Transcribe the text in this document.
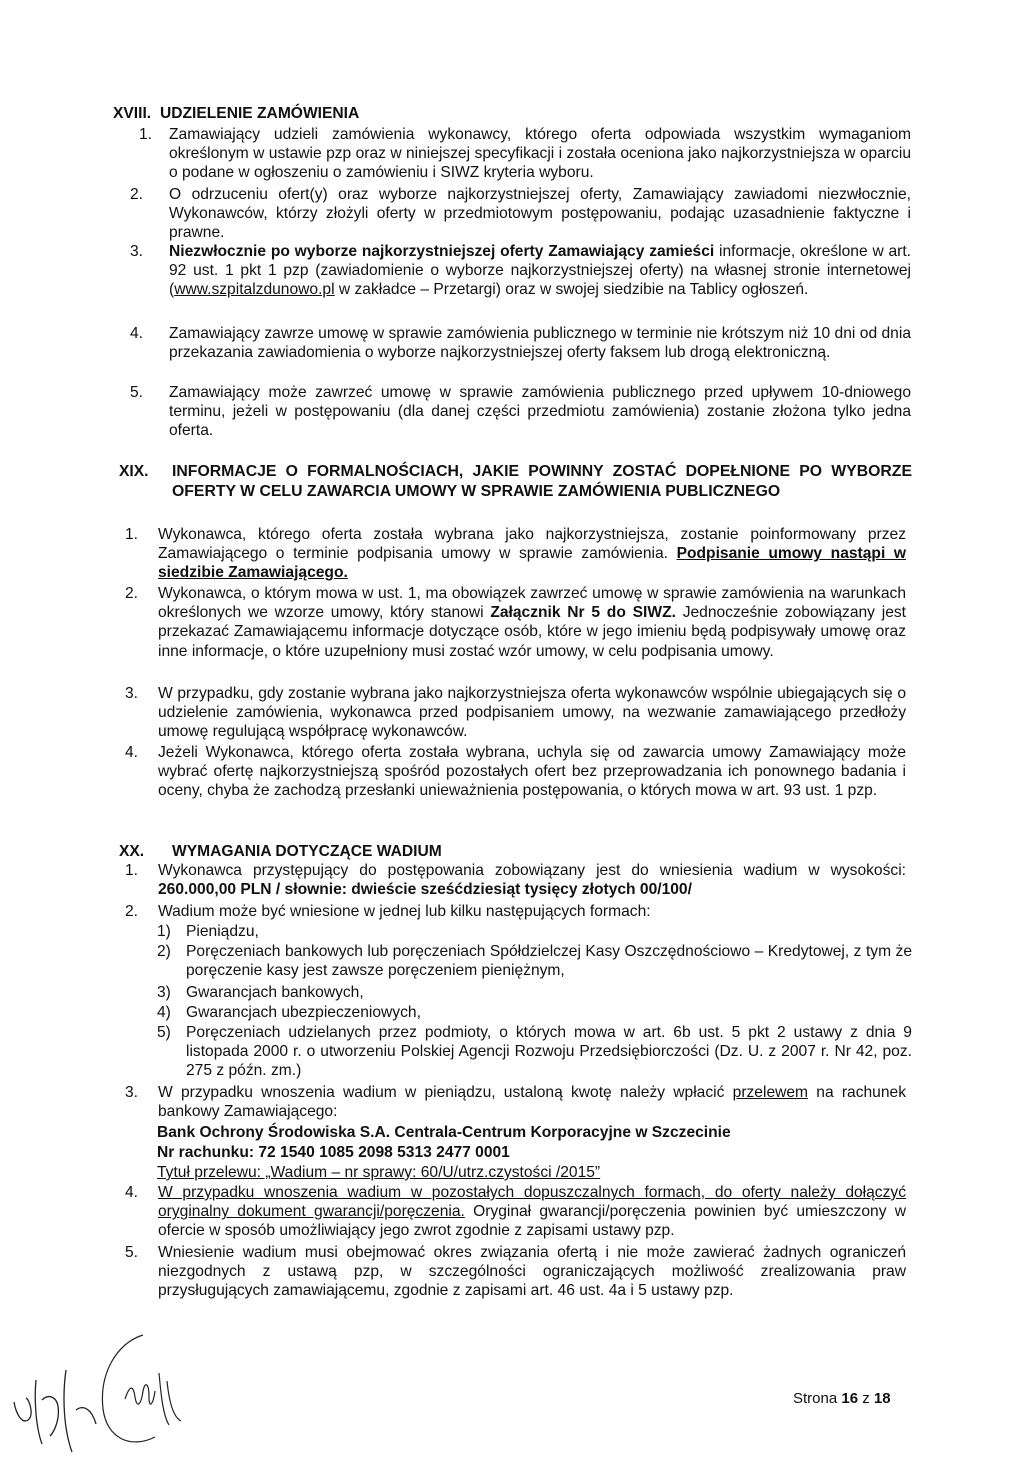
XVIII. UDZIELENIE ZAMÓWIENIA
1. Zamawiający udzieli zamówienia wykonawcy, którego oferta odpowiada wszystkim wymaganiom określonym w ustawie pzp oraz w niniejszej specyfikacji i została oceniona jako najkorzystniejsza w oparciu o podane w ogłoszeniu o zamówieniu i SIWZ kryteria wyboru.
2. O odrzuceniu ofert(y) oraz wyborze najkorzystniejszej oferty, Zamawiający zawiadomi niezwłocznie, Wykonawców, którzy złożyli oferty w przedmiotowym postępowaniu, podając uzasadnienie faktyczne i prawne.
3. Niezwłocznie po wyborze najkorzystniejszej oferty Zamawiający zamieści informacje, określone w art. 92 ust. 1 pkt 1 pzp (zawiadomienie o wyborze najkorzystniejszej oferty) na własnej stronie internetowej (www.szpitalzdunowo.pl w zakładce – Przetargi) oraz w swojej siedzibie na Tablicy ogłoszeń.
4. Zamawiający zawrze umowę w sprawie zamówienia publicznego w terminie nie krótszym niż 10 dni od dnia przekazania zawiadomienia o wyborze najkorzystniejszej oferty faksem lub drogą elektroniczną.
5. Zamawiający może zawrzeć umowę w sprawie zamówienia publicznego przed upływem 10-dniowego terminu, jeżeli w postępowaniu (dla danej części przedmiotu zamówienia) zostanie złożona tylko jedna oferta.
XIX. INFORMACJE O FORMALNOŚCIACH, JAKIE POWINNY ZOSTAĆ DOPEŁNIONE PO WYBORZE OFERTY W CELU ZAWARCIA UMOWY W SPRAWIE ZAMÓWIENIA PUBLICZNEGO
1. Wykonawca, którego oferta została wybrana jako najkorzystniejsza, zostanie poinformowany przez Zamawiającego o terminie podpisania umowy w sprawie zamówienia. Podpisanie umowy nastąpi w siedzibie Zamawiającego.
2. Wykonawca, o którym mowa w ust. 1, ma obowiązek zawrzeć umowę w sprawie zamówienia na warunkach określonych we wzorze umowy, który stanowi Załącznik Nr 5 do SIWZ. Jednocześnie zobowiązany jest przekazać Zamawiającemu informacje dotyczące osób, które w jego imieniu będą podpisywały umowę oraz inne informacje, o które uzupełniony musi zostać wzór umowy, w celu podpisania umowy.
3. W przypadku, gdy zostanie wybrana jako najkorzystniejsza oferta wykonawców wspólnie ubiegających się o udzielenie zamówienia, wykonawca przed podpisaniem umowy, na wezwanie zamawiającego przedłoży umowę regulującą współpracę wykonawców.
4. Jeżeli Wykonawca, którego oferta została wybrana, uchyla się od zawarcia umowy Zamawiający może wybrać ofertę najkorzystniejszą spośród pozostałych ofert bez przeprowadzania ich ponownego badania i oceny, chyba że zachodzą przesłanki unieważnienia postępowania, o których mowa w art. 93 ust. 1 pzp.
XX. WYMAGANIA DOTYCZĄCE WADIUM
1. Wykonawca przystępujący do postępowania zobowiązany jest do wniesienia wadium w wysokości: 260.000,00 PLN / słownie: dwieście sześćdziesiąt tysięcy złotych 00/100/
2. Wadium może być wniesione w jednej lub kilku następujących formach:
1) Pieniądzu,
2) Poręczeniach bankowych lub poręczeniach Spółdzielczej Kasy Oszczędnościowo – Kredytowej, z tym że poręczenie kasy jest zawsze poręczeniem pieniężnym,
3) Gwarancjach bankowych,
4) Gwarancjach ubezpieczeniowych,
5) Poręczeniach udzielanych przez podmioty, o których mowa w art. 6b ust. 5 pkt 2 ustawy z dnia 9 listopada 2000 r. o utworzeniu Polskiej Agencji Rozwoju Przedsiębiorczości (Dz. U. z 2007 r. Nr 42, poz. 275 z późn. zm.)
3. W przypadku wnoszenia wadium w pieniądzu, ustaloną kwotę należy wpłacić przelewem na rachunek bankowy Zamawiającego:
Bank Ochrony Środowiska S.A. Centrala-Centrum Korporacyjne w Szczecinie
Nr rachunku: 72 1540 1085 2098 5313 2477 0001
Tytuł przelewu: „Wadium – nr sprawy: 60/U/utrz.czystości /2015”
4. W przypadku wnoszenia wadium w pozostałych dopuszczalnych formach, do oferty należy dołączyć oryginalny dokument gwarancji/poręczenia. Oryginał gwarancji/poręczenia powinien być umieszczony w ofercie w sposób umożliwiający jego zwrot zgodnie z zapisami ustawy pzp.
5. Wniesienie wadium musi obejmować okres związania ofertą i nie może zawierać żadnych ograniczeń niezgodnych z ustawą pzp, w szczególności ograniczających możliwość zrealizowania praw przysługujących zamawiającemu, zgodnie z zapisami art. 46 ust. 4a i 5 ustawy pzp.
Strona 16 z 18
